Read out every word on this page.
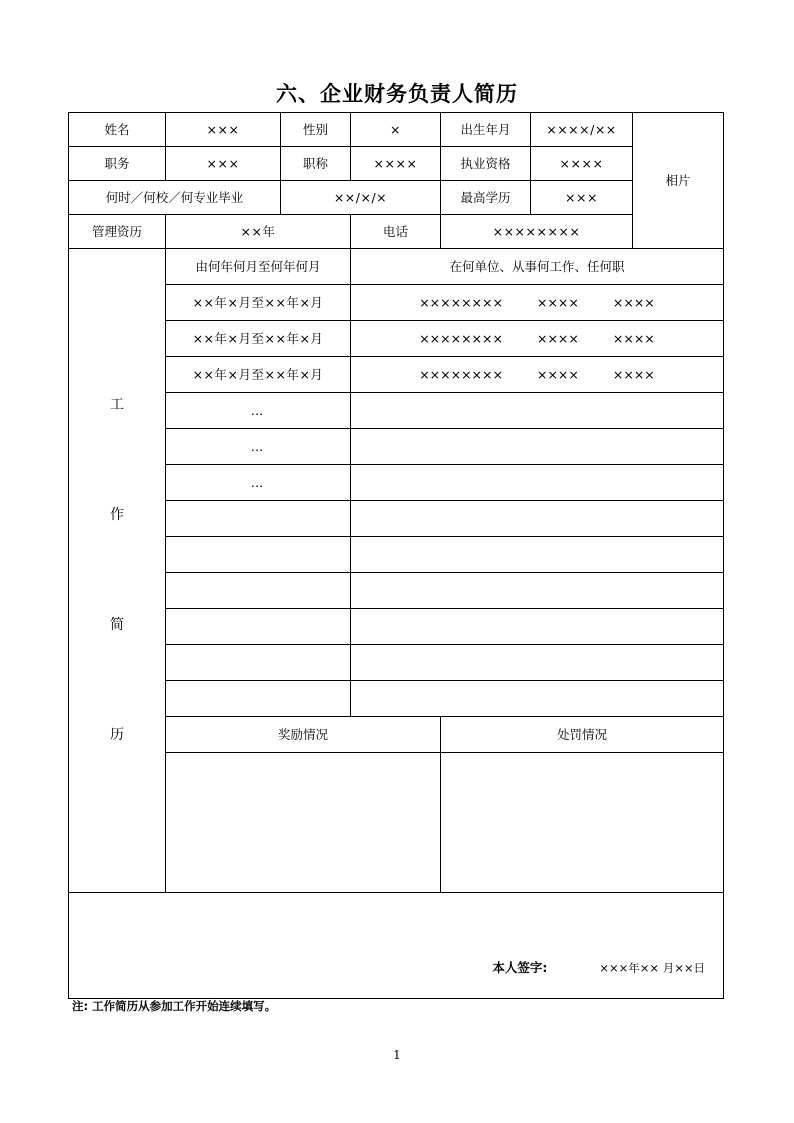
六、企业财务负责人简历
姓名	×××	性别	×	出生年月	××××/××	相片
职务	×××	职称	××××	执业资格	××××	
何时／何校／何专业毕业		××/×/×		最高学历	×××	
管理资历	××年		电话	××××××××		

工
作
简
历	由何年何月至何年何月		在何单位、从事何工作、任何职			
	××年×月至××年×月		×××××××× ×××× ××××			
	××年×月至××年×月		×××××××× ×××× ××××			
	××年×月至××年×月		×××××××× ×××× ××××			
	…					
	…					
	…					

	奖励情况			处罚情况		

本人签字: ×××年×× 月××日						
注: 工作简历从参加工作开始连续填写。
1
